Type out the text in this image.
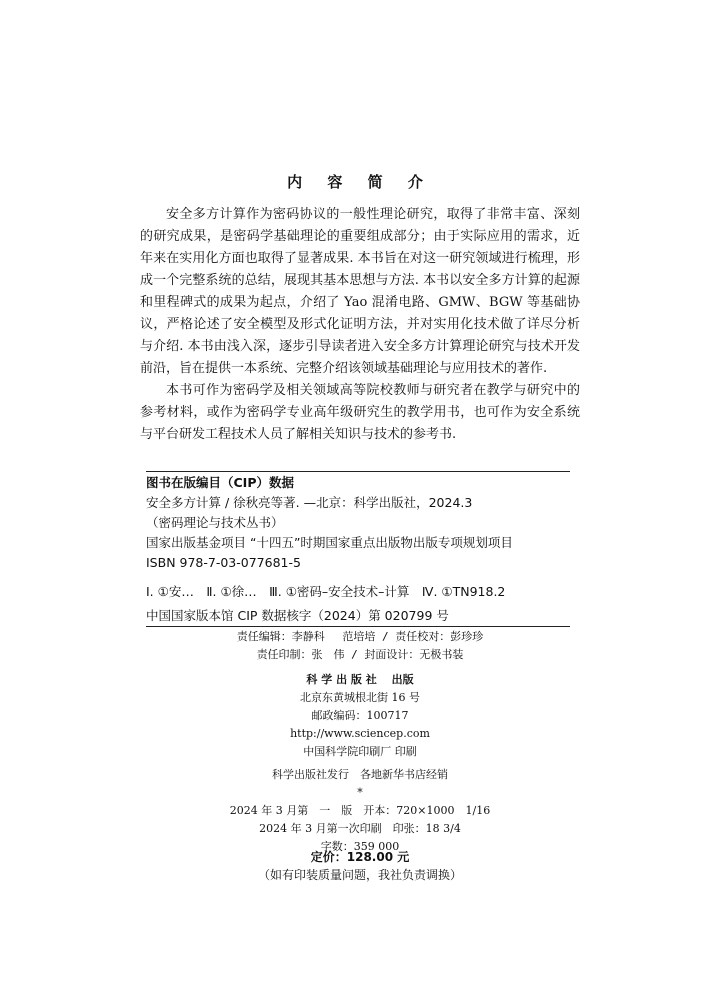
内 容 简 介

安全多方计算作为密码协议的一般性理论研究，取得了非常丰富、深刻的研究成果，是密码学基础理论的重要组成部分；由于实际应用的需求，近年来在实用化方面也取得了显著成果. 本书旨在对这一研究领域进行梳理，形成一个完整系统的总结，展现其基本思想与方法. 本书以安全多方计算的起源和里程碑式的成果为起点，介绍了 Yao 混淆电路、GMW、BGW 等基础协议，严格论述了安全模型及形式化证明方法，并对实用化技术做了详尽分析与介绍. 本书由浅入深，逐步引导读者进入安全多方计算理论研究与技术开发前沿，旨在提供一本系统、完整介绍该领域基础理论与应用技术的著作.

本书可作为密码学及相关领域高等院校教师与研究者在教学与研究中的参考材料，或作为密码学专业高年级研究生的教学用书，也可作为安全系统与平台研发工程技术人员了解相关知识与技术的参考书.

图书在版编目（CIP）数据
安全多方计算 / 徐秋亮等著. —北京：科学出版社，2024.3
（密码理论与技术丛书）
国家出版基金项目 “十四五”时期国家重点出版物出版专项规划项目
ISBN 978-7-03-077681-5
Ⅰ. ①安…　Ⅱ. ①徐…　Ⅲ. ①密码–安全技术–计算　Ⅳ. ①TN918.2
中国国家版本馆 CIP 数据核字（2024）第 020799 号
责任编辑：李静科　 范培培 / 责任校对：彭珍珍
责任印制：张　伟 / 封面设计：无极书装
科 学 出 版 社　 出版
北京东黄城根北街 16 号
邮政编码：100717
http://www.sciencep.com
中国科学院印刷厂 印刷
科学出版社发行　各地新华书店经销
*
2024 年 3 月第　一　版　开本：720×1000　1/16
2024 年 3 月第一次印刷　印张：18 3/4
字数：359 000
定价：128.00 元
（如有印装质量问题，我社负责调换）
